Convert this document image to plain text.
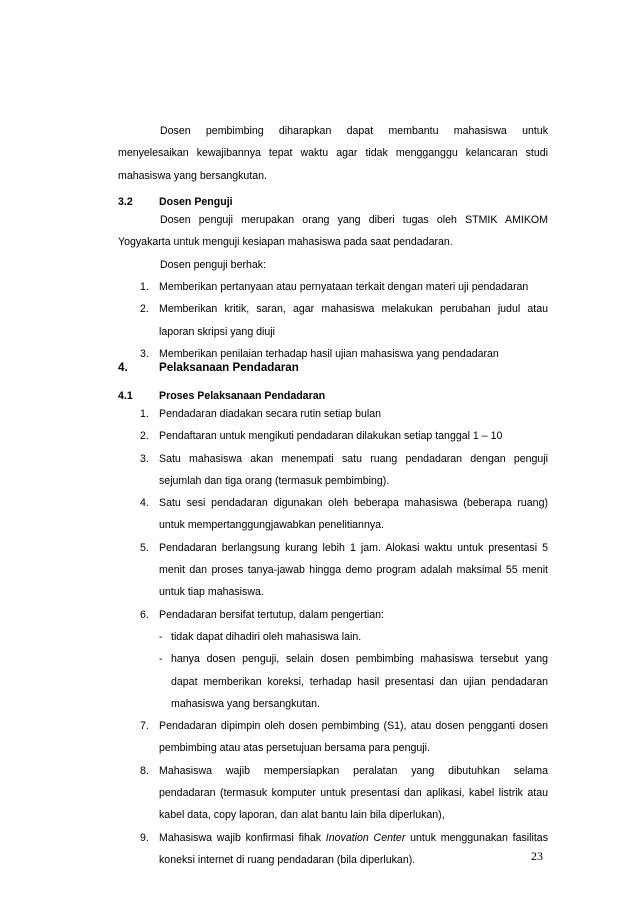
Dosen pembimbing diharapkan dapat membantu mahasiswa untuk
menyelesaikan kewajibannya tepat waktu agar tidak mengganggu kelancaran studi
mahasiswa yang bersangkutan.
3.2 Dosen Penguji
Dosen penguji merupakan orang yang diberi tugas oleh STMIK AMIKOM
Yogyakarta untuk menguji kesiapan mahasiswa pada saat pendadaran.
Dosen penguji berhak:
1. Memberikan pertanyaan atau pernyataan terkait dengan materi uji pendadaran
2. Memberikan kritik, saran, agar mahasiswa melakukan perubahan judul atau
laporan skripsi yang diuji
3. Memberikan penilaian terhadap hasil ujian mahasiswa yang pendadaran
4.	Pelaksanaan Pendadaran
4.1 Proses Pelaksanaan Pendadaran
1. Pendadaran diadakan secara rutin setiap bulan
2. Pendaftaran untuk mengikuti pendadaran dilakukan setiap tanggal 1 – 10
3. Satu mahasiswa akan menempati satu ruang pendadaran dengan penguji
sejumlah dan tiga orang (termasuk pembimbing).
4. Satu sesi pendadaran digunakan oleh beberapa mahasiswa (beberapa ruang)
untuk mempertanggungjawabkan penelitiannya.
5. Pendadaran berlangsung kurang lebih 1 jam. Alokasi waktu untuk presentasi 5
menit dan proses tanya-jawab hingga demo program adalah maksimal 55 menit
untuk tiap mahasiswa.
6. Pendadaran bersifat tertutup, dalam pengertian:
- tidak dapat dihadiri oleh mahasiswa lain.
- hanya dosen penguji, selain dosen pembimbing mahasiswa tersebut yang
dapat memberikan koreksi, terhadap hasil presentasi dan ujian pendadaran
mahasiswa yang bersangkutan.
7. Pendadaran dipimpin oleh dosen pembimbing (S1), atau dosen pengganti dosen
pembimbing atau atas persetujuan bersama para penguji.
8. Mahasiswa wajib mempersiapkan peralatan yang dibutuhkan selama
pendadaran (termasuk komputer untuk presentasi dan aplikasi, kabel listrik atau
kabel data, copy laporan, dan alat bantu lain bila diperlukan),
9. Mahasiswa wajib konfirmasi fihak Inovation Center untuk menggunakan fasilitas
koneksi internet di ruang pendadaran (bila diperlukan).	23
